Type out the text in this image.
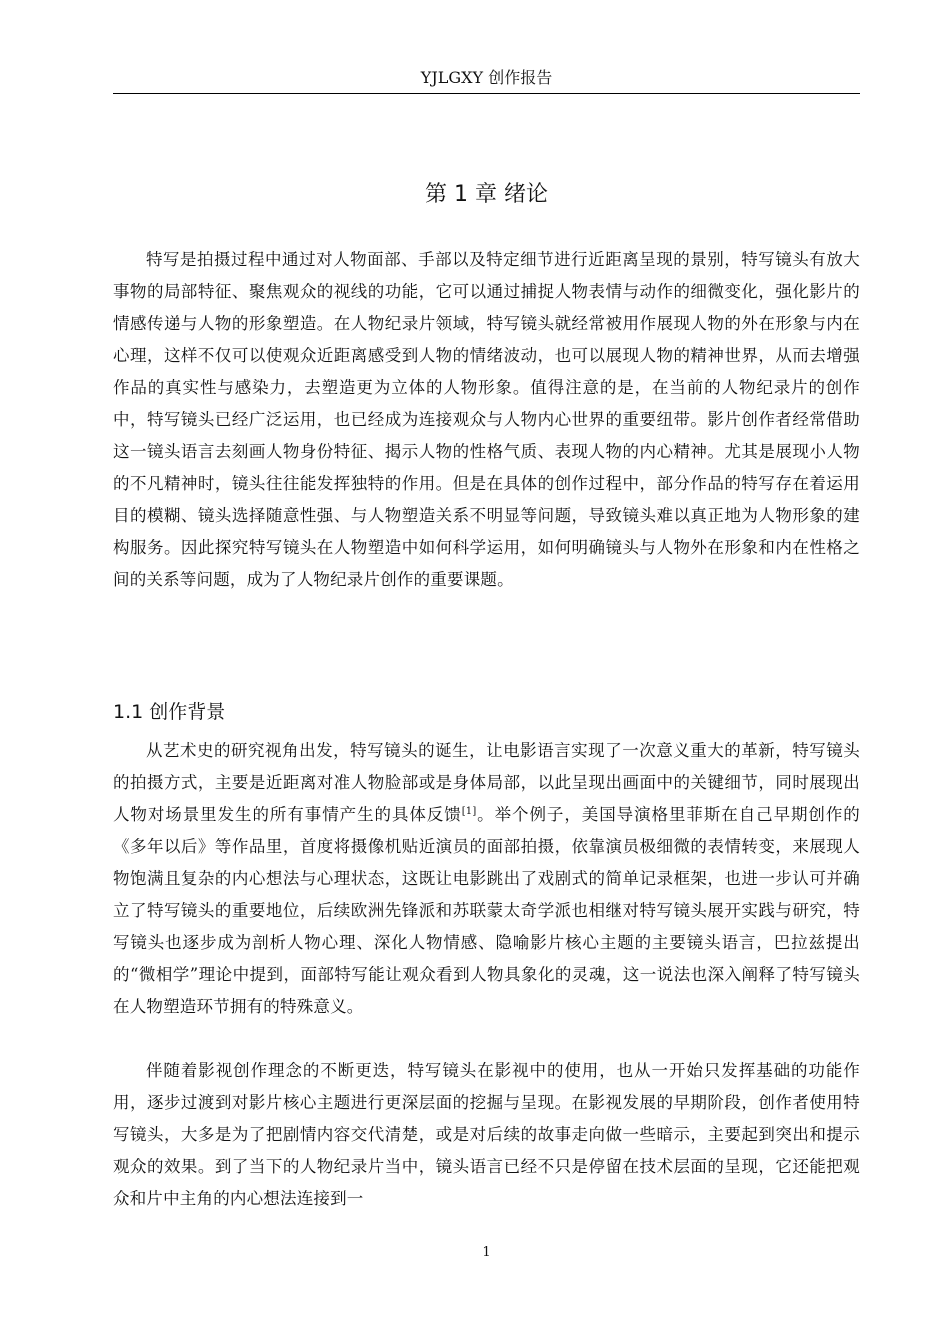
YJLGXY 创作报告
第 1 章 绪论

特写是拍摄过程中通过对人物面部、手部以及特定细节进行近距离呈现的景别，特写镜头有放大事物的局部特征、聚焦观众的视线的功能，它可以通过捕捉人物表情与动作的细微变化，强化影片的情感传递与人物的形象塑造。在人物纪录片领域，特写镜头就经常被用作展现人物的外在形象与内在心理，这样不仅可以使观众近距离感受到人物的情绪波动，也可以展现人物的精神世界，从而去增强作品的真实性与感染力，去塑造更为立体的人物形象。值得注意的是，在当前的人物纪录片的创作中，特写镜头已经广泛运用，也已经成为连接观众与人物内心世界的重要纽带。影片创作者经常借助这一镜头语言去刻画人物身份特征、揭示人物的性格气质、表现人物的内心精神。尤其是展现小人物的不凡精神时，镜头往往能发挥独特的作用。但是在具体的创作过程中，部分作品的特写存在着运用目的模糊、镜头选择随意性强、与人物塑造关系不明显等问题，导致镜头难以真正地为人物形象的建构服务。因此探究特写镜头在人物塑造中如何科学运用，如何明确镜头与人物外在形象和内在性格之间的关系等问题，成为了人物纪录片创作的重要课题。

1.1 创作背景

从艺术史的研究视角出发，特写镜头的诞生，让电影语言实现了一次意义重大的革新，特写镜头的拍摄方式，主要是近距离对准人物脸部或是身体局部，以此呈现出画面中的关键细节，同时展现出人物对场景里发生的所有事情产生的具体反馈[1]。举个例子，美国导演格里菲斯在自己早期创作的《多年以后》等作品里，首度将摄像机贴近演员的面部拍摄，依靠演员极细微的表情转变，来展现人物饱满且复杂的内心想法与心理状态，这既让电影跳出了戏剧式的简单记录框架，也进一步认可并确立了特写镜头的重要地位，后续欧洲先锋派和苏联蒙太奇学派也相继对特写镜头展开实践与研究，特写镜头也逐步成为剖析人物心理、深化人物情感、隐喻影片核心主题的主要镜头语言，巴拉兹提出的“微相学”理论中提到，面部特写能让观众看到人物具象化的灵魂，这一说法也深入阐释了特写镜头在人物塑造环节拥有的特殊意义。

伴随着影视创作理念的不断更迭，特写镜头在影视中的使用，也从一开始只发挥基础的功能作用，逐步过渡到对影片核心主题进行更深层面的挖掘与呈现。在影视发展的早期阶段，创作者使用特写镜头，大多是为了把剧情内容交代清楚，或是对后续的故事走向做一些暗示，主要起到突出和提示观众的效果。到了当下的人物纪录片当中，镜头语言已经不只是停留在技术层面的呈现，它还能把观众和片中主角的内心想法连接到一

1
